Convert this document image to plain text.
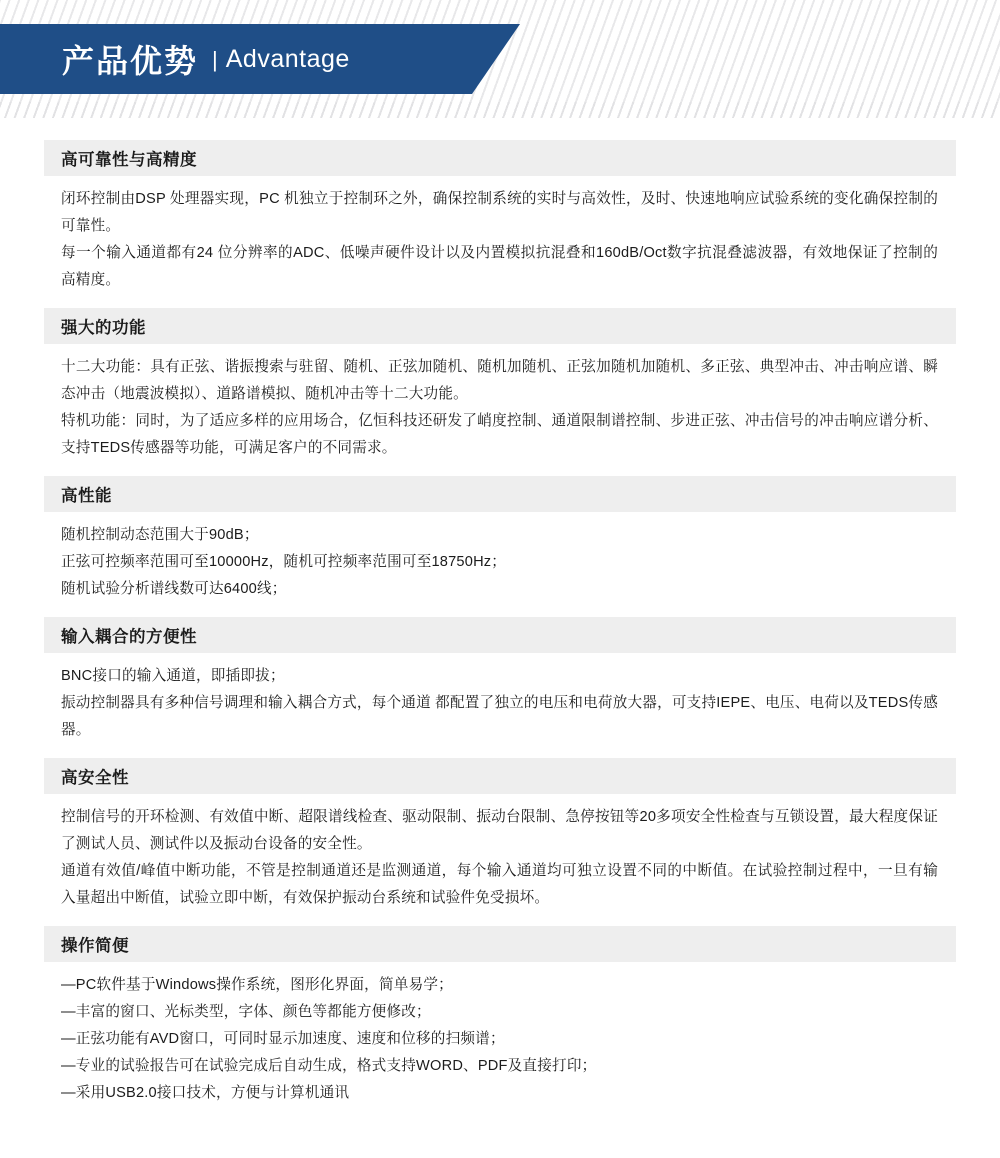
产品优势 | Advantage
高可靠性与高精度

闭环控制由DSP 处理器实现，PC 机独立于控制环之外，确保控制系统的实时与高效性，及时、快速地响应试验系统的变化确保控制的可靠性。

每一个输入通道都有24 位分辨率的ADC、低噪声硬件设计以及内置模拟抗混叠和160dB/Oct数字抗混叠滤波器，有效地保证了控制的高精度。

强大的功能

十二大功能：具有正弦、谐振搜索与驻留、随机、正弦加随机、随机加随机、正弦加随机加随机、多正弦、典型冲击、冲击响应谱、瞬态冲击（地震波模拟）、道路谱模拟、随机冲击等十二大功能。

特机功能：同时，为了适应多样的应用场合，亿恒科技还研发了峭度控制、通道限制谱控制、步进正弦、冲击信号的冲击响应谱分析、支持TEDS传感器等功能，可满足客户的不同需求。

高性能

随机控制动态范围大于90dB；

正弦可控频率范围可至10000Hz，随机可控频率范围可至18750Hz；

随机试验分析谱线数可达6400线；

输入耦合的方便性

BNC接口的输入通道，即插即拔；

振动控制器具有多种信号调理和输入耦合方式，每个通道 都配置了独立的电压和电荷放大器，可支持IEPE、电压、电荷以及TEDS传感器。

高安全性

控制信号的开环检测、有效值中断、超限谱线检查、驱动限制、振动台限制、急停按钮等20多项安全性检查与互锁设置，最大程度保证了测试人员、测试件以及振动台设备的安全性。

通道有效值/峰值中断功能，不管是控制通道还是监测通道，每个输入通道均可独立设置不同的中断值。在试验控制过程中，一旦有输入量超出中断值，试验立即中断，有效保护振动台系统和试验件免受损坏。

操作简便

—PC软件基于Windows操作系统，图形化界面，简单易学；

—丰富的窗口、光标类型，字体、颜色等都能方便修改；

—正弦功能有AVD窗口，可同时显示加速度、速度和位移的扫频谱；

—专业的试验报告可在试验完成后自动生成，格式支持WORD、PDF及直接打印；

—采用USB2.0接口技术，方便与计算机通讯
